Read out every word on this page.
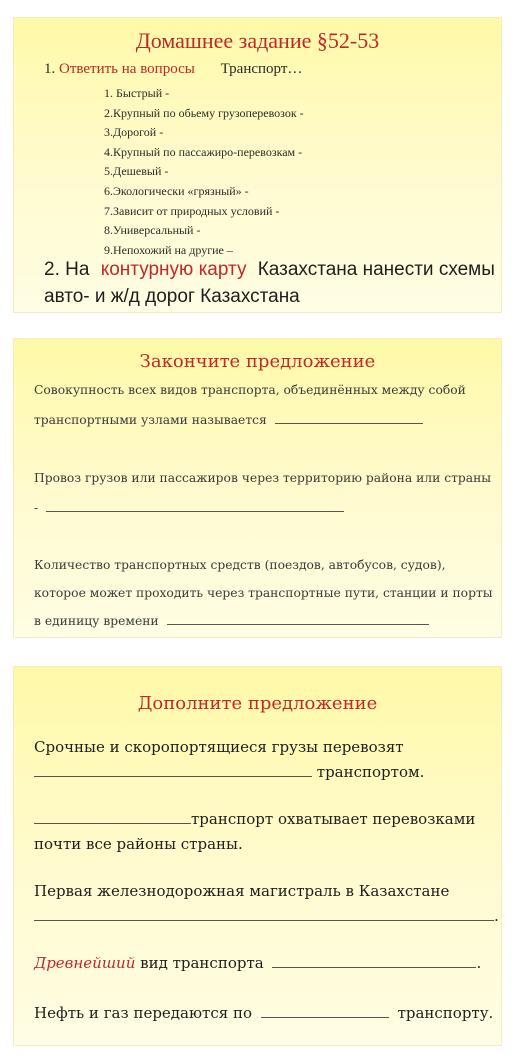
Домашнее задание §52-53
1. Ответить на вопросы Транспорт…
1. Быстрый -
2.Крупный по обьему грузоперевозок -
3.Дорогой -
4.Крупный по пассажиро-перевозкам -
5.Дешевый -
6.Экологически «грязный» -
7.Зависит от природных условий -
8.Универсальный -
9.Непохожий на другие –
2. На контурную карту Казахстана нанести схемы авто- и ж/д дорог Казахстана
Закончите предложение
Совокупность всех видов транспорта, объединённых между собой транспортными узлами называется
Провоз грузов или пассажиров через территорию района или страны -
Количество транспортных средств (поездов, автобусов, судов), которое может проходить через транспортные пути, станции и порты в единицу времени
Дополните предложение
Срочные и скоропортящиеся грузы перевозят
транспортом.
транспорт охватывает перевозками почти все районы страны.
Первая железнодорожная магистраль в Казахстане
.
Древнейший вид транспорта	.
Нефть и газ передаются по	транспорту.
